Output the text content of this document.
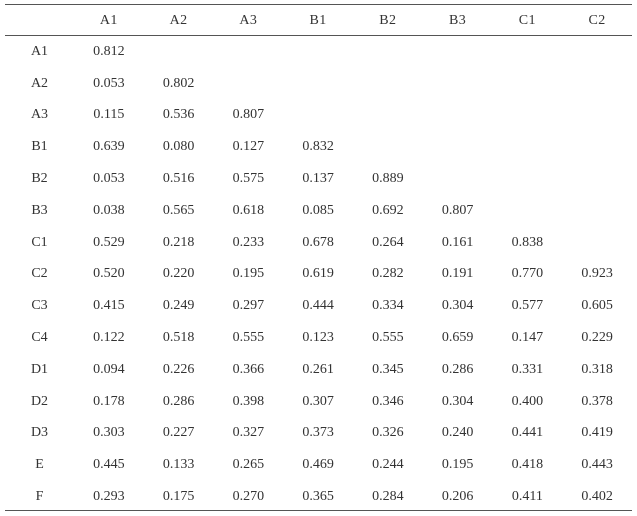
	A1	A2	A3	B1	B2	B3	C1	C2
A1	0.812							
A2	0.053	0.802						
A3	0.115	0.536	0.807					
B1	0.639	0.080	0.127	0.832				
B2	0.053	0.516	0.575	0.137	0.889			
B3	0.038	0.565	0.618	0.085	0.692	0.807		
C1	0.529	0.218	0.233	0.678	0.264	0.161	0.838	
C2	0.520	0.220	0.195	0.619	0.282	0.191	0.770	0.923
C3	0.415	0.249	0.297	0.444	0.334	0.304	0.577	0.605
C4	0.122	0.518	0.555	0.123	0.555	0.659	0.147	0.229
D1	0.094	0.226	0.366	0.261	0.345	0.286	0.331	0.318
D2	0.178	0.286	0.398	0.307	0.346	0.304	0.400	0.378
D3	0.303	0.227	0.327	0.373	0.326	0.240	0.441	0.419
E	0.445	0.133	0.265	0.469	0.244	0.195	0.418	0.443
F	0.293	0.175	0.270	0.365	0.284	0.206	0.411	0.402
